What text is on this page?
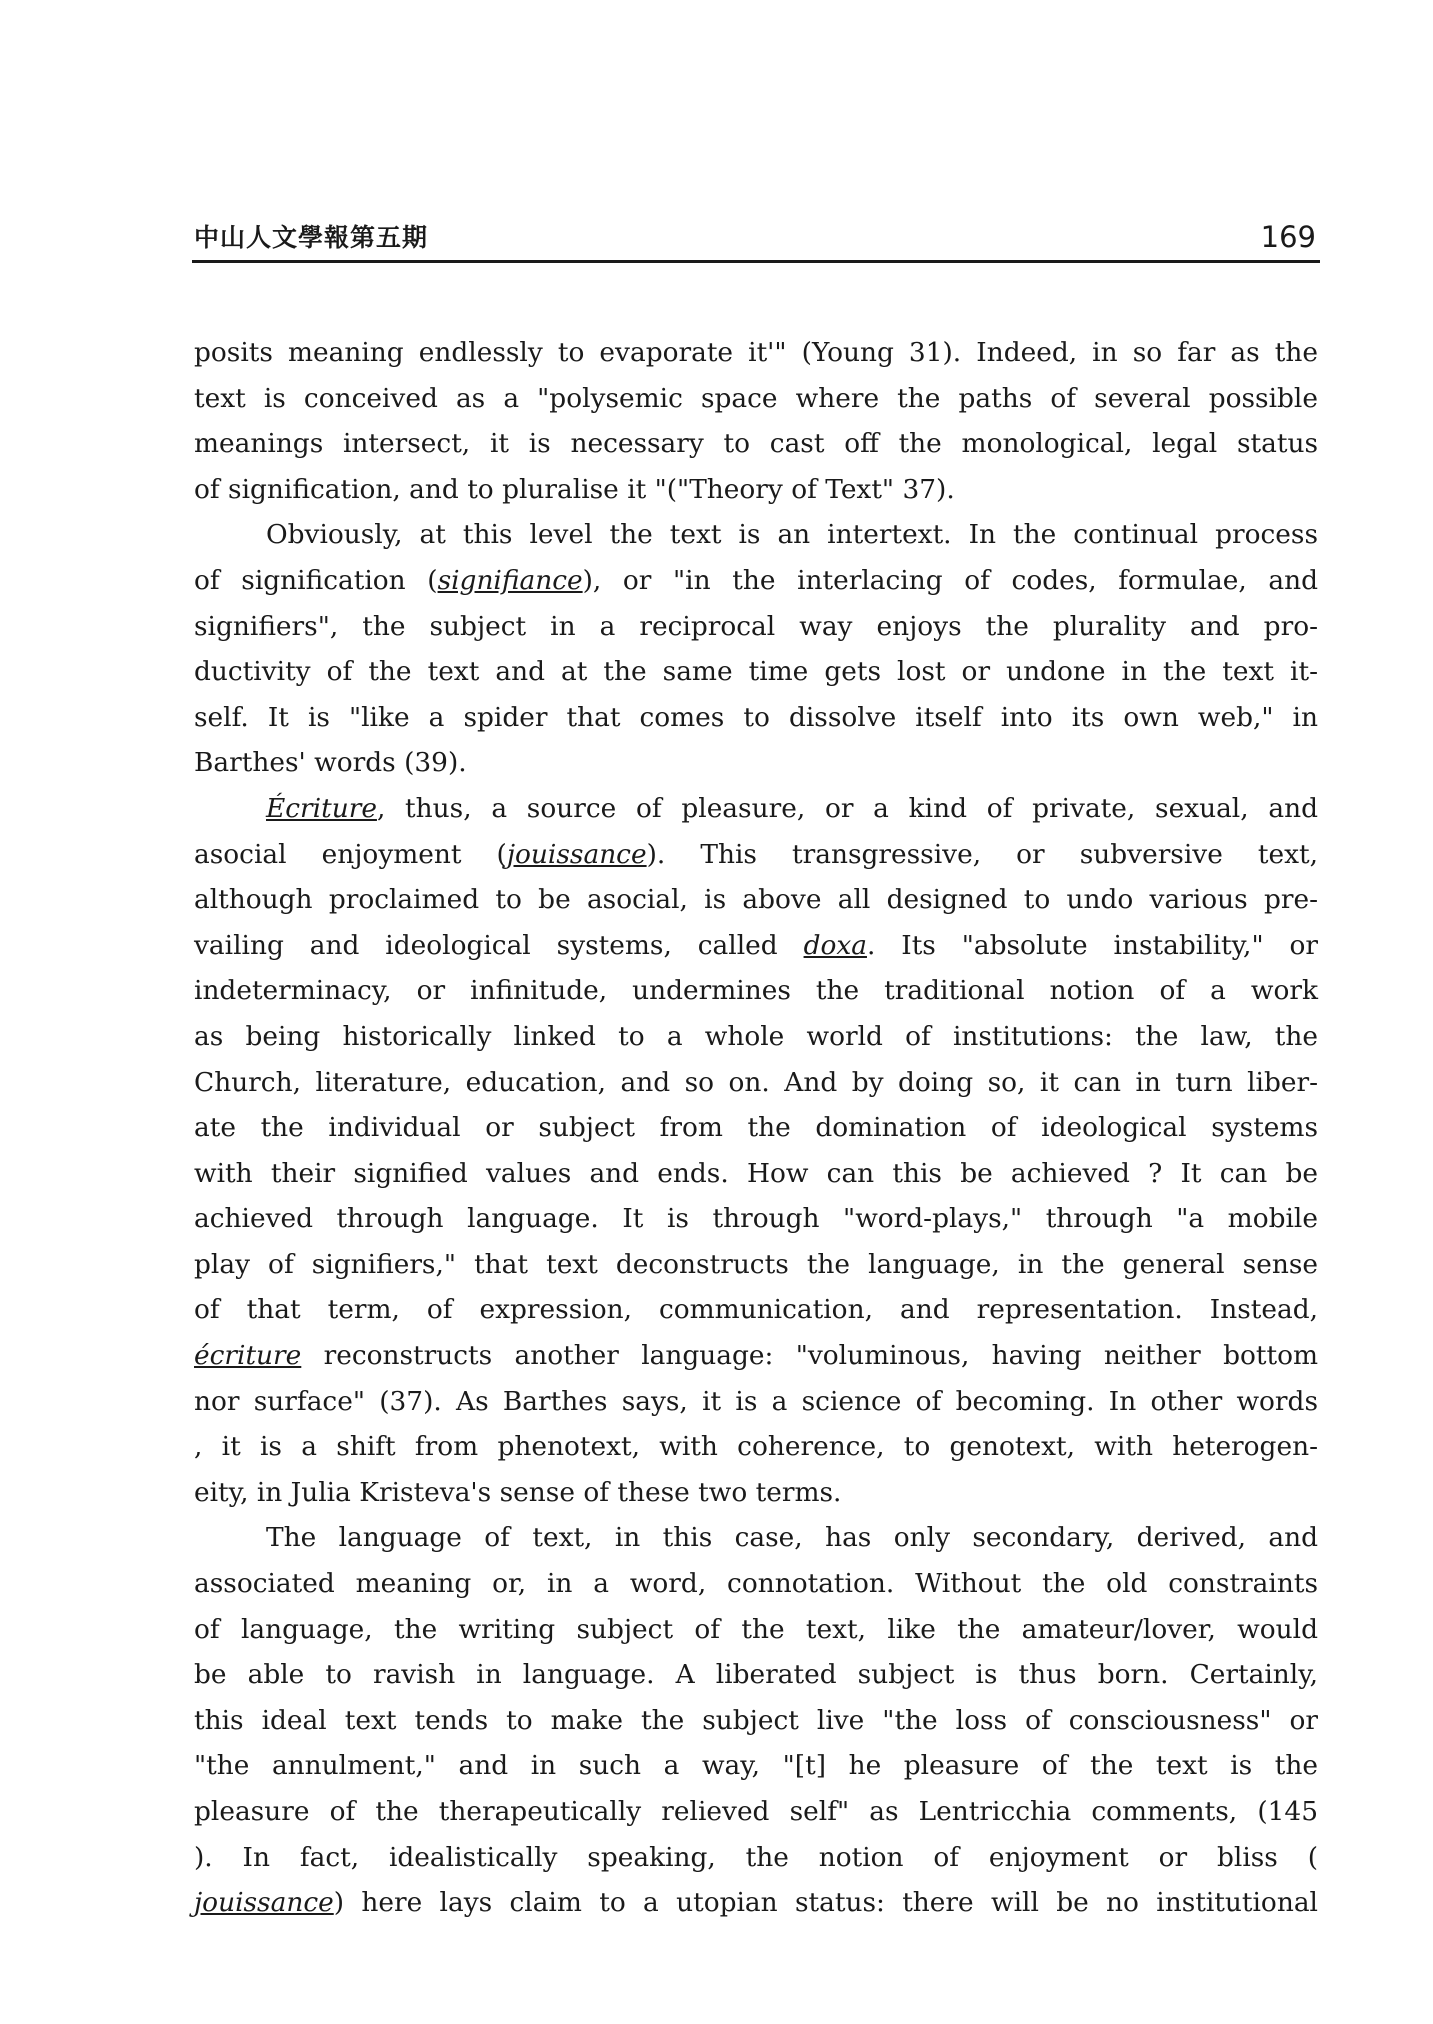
中山人文學報第五期	169

posits meaning endlessly to evaporate it'" (Young 31). Indeed, in so far as the
text is conceived as a "polysemic space where the paths of several possible
meanings intersect, it is necessary to cast off the monological, legal status
of signification, and to pluralise it "("Theory of Text" 37).

Obviously, at this level the text is an intertext. In the continual process
of signification (signifiance), or "in the interlacing of codes, formulae, and
signifiers", the subject in a reciprocal way enjoys the plurality and pro-
ductivity of the text and at the same time gets lost or undone in the text it-
self. It is "like a spider that comes to dissolve itself into its own web," in
Barthes' words (39).

Écriture, thus, a source of pleasure, or a kind of private, sexual, and
asocial enjoyment (jouissance). This transgressive, or subversive text,
although proclaimed to be asocial, is above all designed to undo various pre-
vailing and ideological systems, called doxa. Its "absolute instability," or
indeterminacy, or infinitude, undermines the traditional notion of a work
as being historically linked to a whole world of institutions: the law, the
Church, literature, education, and so on. And by doing so, it can in turn liber-
ate the individual or subject from the domination of ideological systems
with their signified values and ends. How can this be achieved ? It can be
achieved through language. It is through "word-plays," through "a mobile
play of signifiers," that text deconstructs the language, in the general sense
of that term, of expression, communication, and representation. Instead,
écriture reconstructs another language: "voluminous, having neither bottom
nor surface" (37). As Barthes says, it is a science of becoming. In other words
, it is a shift from phenotext, with coherence, to genotext, with heterogen-
eity, in Julia Kristeva's sense of these two terms.

The language of text, in this case, has only secondary, derived, and
associated meaning or, in a word, connotation. Without the old constraints
of language, the writing subject of the text, like the amateur/lover, would
be able to ravish in language. A liberated subject is thus born. Certainly,
this ideal text tends to make the subject live "the loss of consciousness" or
"the annulment," and in such a way, "[t] he pleasure of the text is the
pleasure of the therapeutically relieved self" as Lentricchia comments, (145
). In fact, idealistically speaking, the notion of enjoyment or bliss (
jouissance) here lays claim to a utopian status: there will be no institutional
